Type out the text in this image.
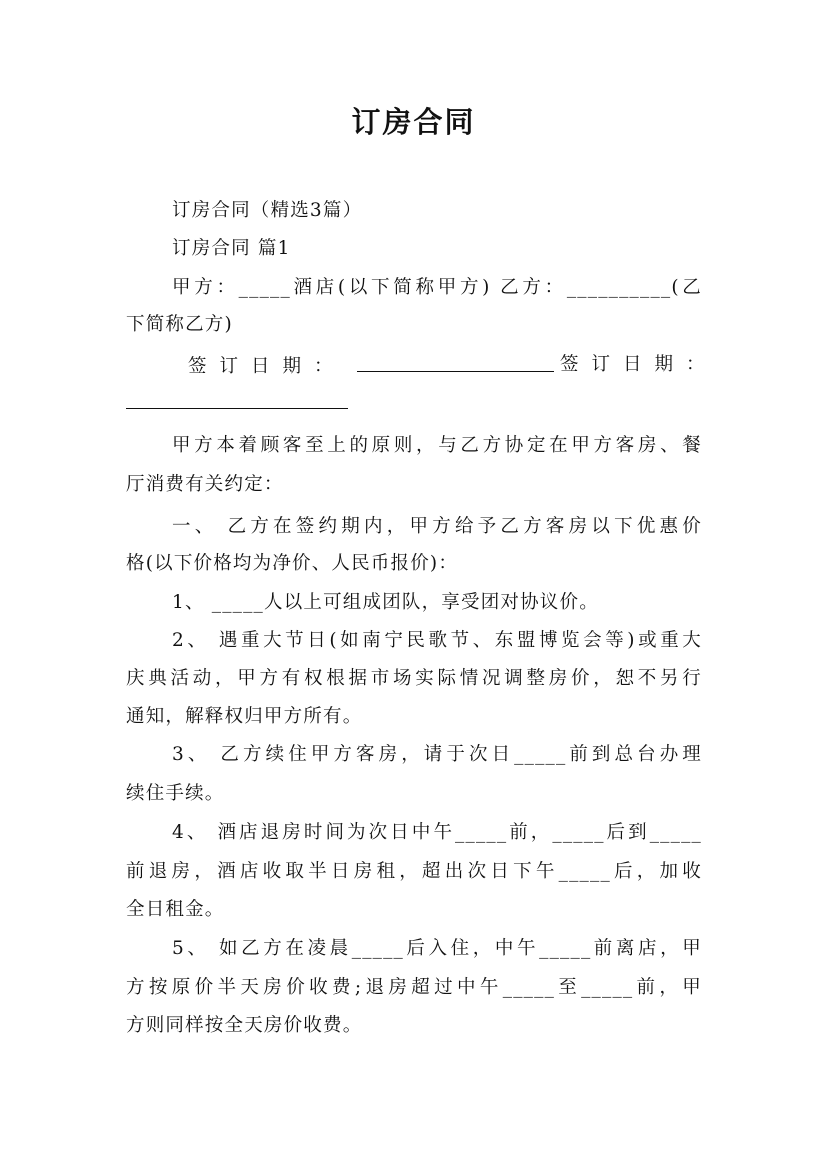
订房合同
订房合同（精选3篇）
订房合同 篇1
甲方：_____酒店(以下简称甲方) 乙方：__________(乙
下简称乙方)
签订日期：	签订日期：
甲方本着顾客至上的原则，与乙方协定在甲方客房、餐
厅消费有关约定：
一、 乙方在签约期内，甲方给予乙方客房以下优惠价
格(以下价格均为净价、人民币报价)：
1、 _____人以上可组成团队，享受团对协议价。
2、 遇重大节日(如南宁民歌节、东盟博览会等)或重大
庆典活动，甲方有权根据市场实际情况调整房价，恕不另行
通知，解释权归甲方所有。
3、 乙方续住甲方客房，请于次日_____前到总台办理
续住手续。
4、 酒店退房时间为次日中午_____前，_____后到_____
前退房，酒店收取半日房租，超出次日下午_____后，加收
全日租金。
5、 如乙方在凌晨_____后入住，中午_____前离店，甲
方按原价半天房价收费;退房超过中午_____至_____前，甲
方则同样按全天房价收费。
